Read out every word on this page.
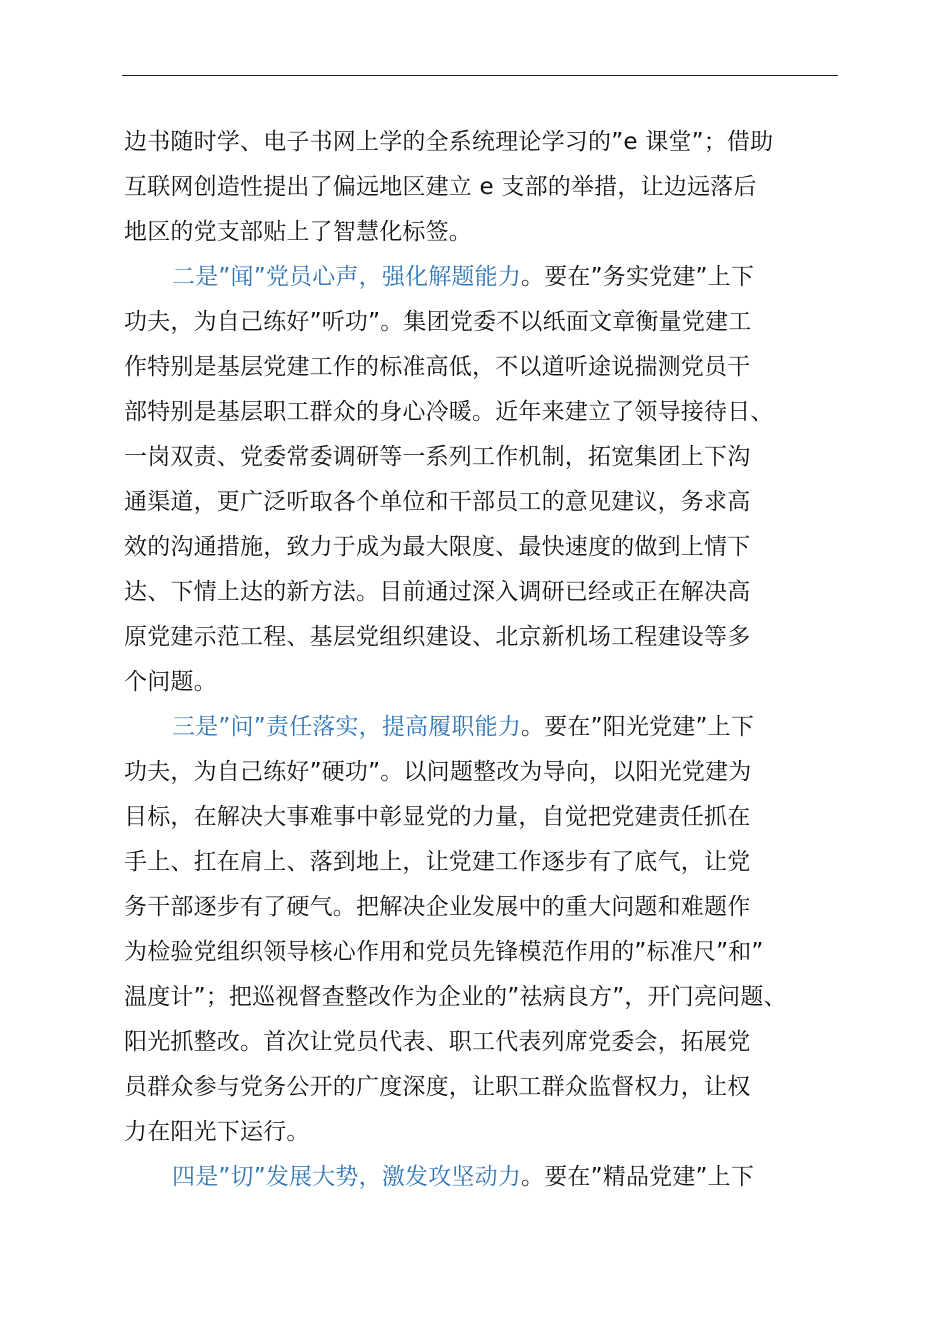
边书随时学、电子书网上学的全系统理论学习的”e 课堂”；借助
互联网创造性提出了偏远地区建立 e 支部的举措，让边远落后
地区的党支部贴上了智慧化标签。
二是”闻”党员心声，强化解题能力。要在”务实党建”上下
功夫，为自己练好”听功”。集团党委不以纸面文章衡量党建工
作特别是基层党建工作的标准高低，不以道听途说揣测党员干
部特别是基层职工群众的身心冷暖。近年来建立了领导接待日、
一岗双责、党委常委调研等一系列工作机制，拓宽集团上下沟
通渠道，更广泛听取各个单位和干部员工的意见建议，务求高
效的沟通措施，致力于成为最大限度、最快速度的做到上情下
达、下情上达的新方法。目前通过深入调研已经或正在解决高
原党建示范工程、基层党组织建设、北京新机场工程建设等多
个问题。
三是”问”责任落实，提高履职能力。要在”阳光党建”上下
功夫，为自己练好”硬功”。以问题整改为导向，以阳光党建为
目标，在解决大事难事中彰显党的力量，自觉把党建责任抓在
手上、扛在肩上、落到地上，让党建工作逐步有了底气，让党
务干部逐步有了硬气。把解决企业发展中的重大问题和难题作
为检验党组织领导核心作用和党员先锋模范作用的”标准尺”和”
温度计”；把巡视督查整改作为企业的”祛病良方”，开门亮问题、
阳光抓整改。首次让党员代表、职工代表列席党委会，拓展党
员群众参与党务公开的广度深度，让职工群众监督权力，让权
力在阳光下运行。
四是”切”发展大势，激发攻坚动力。要在”精品党建”上下
